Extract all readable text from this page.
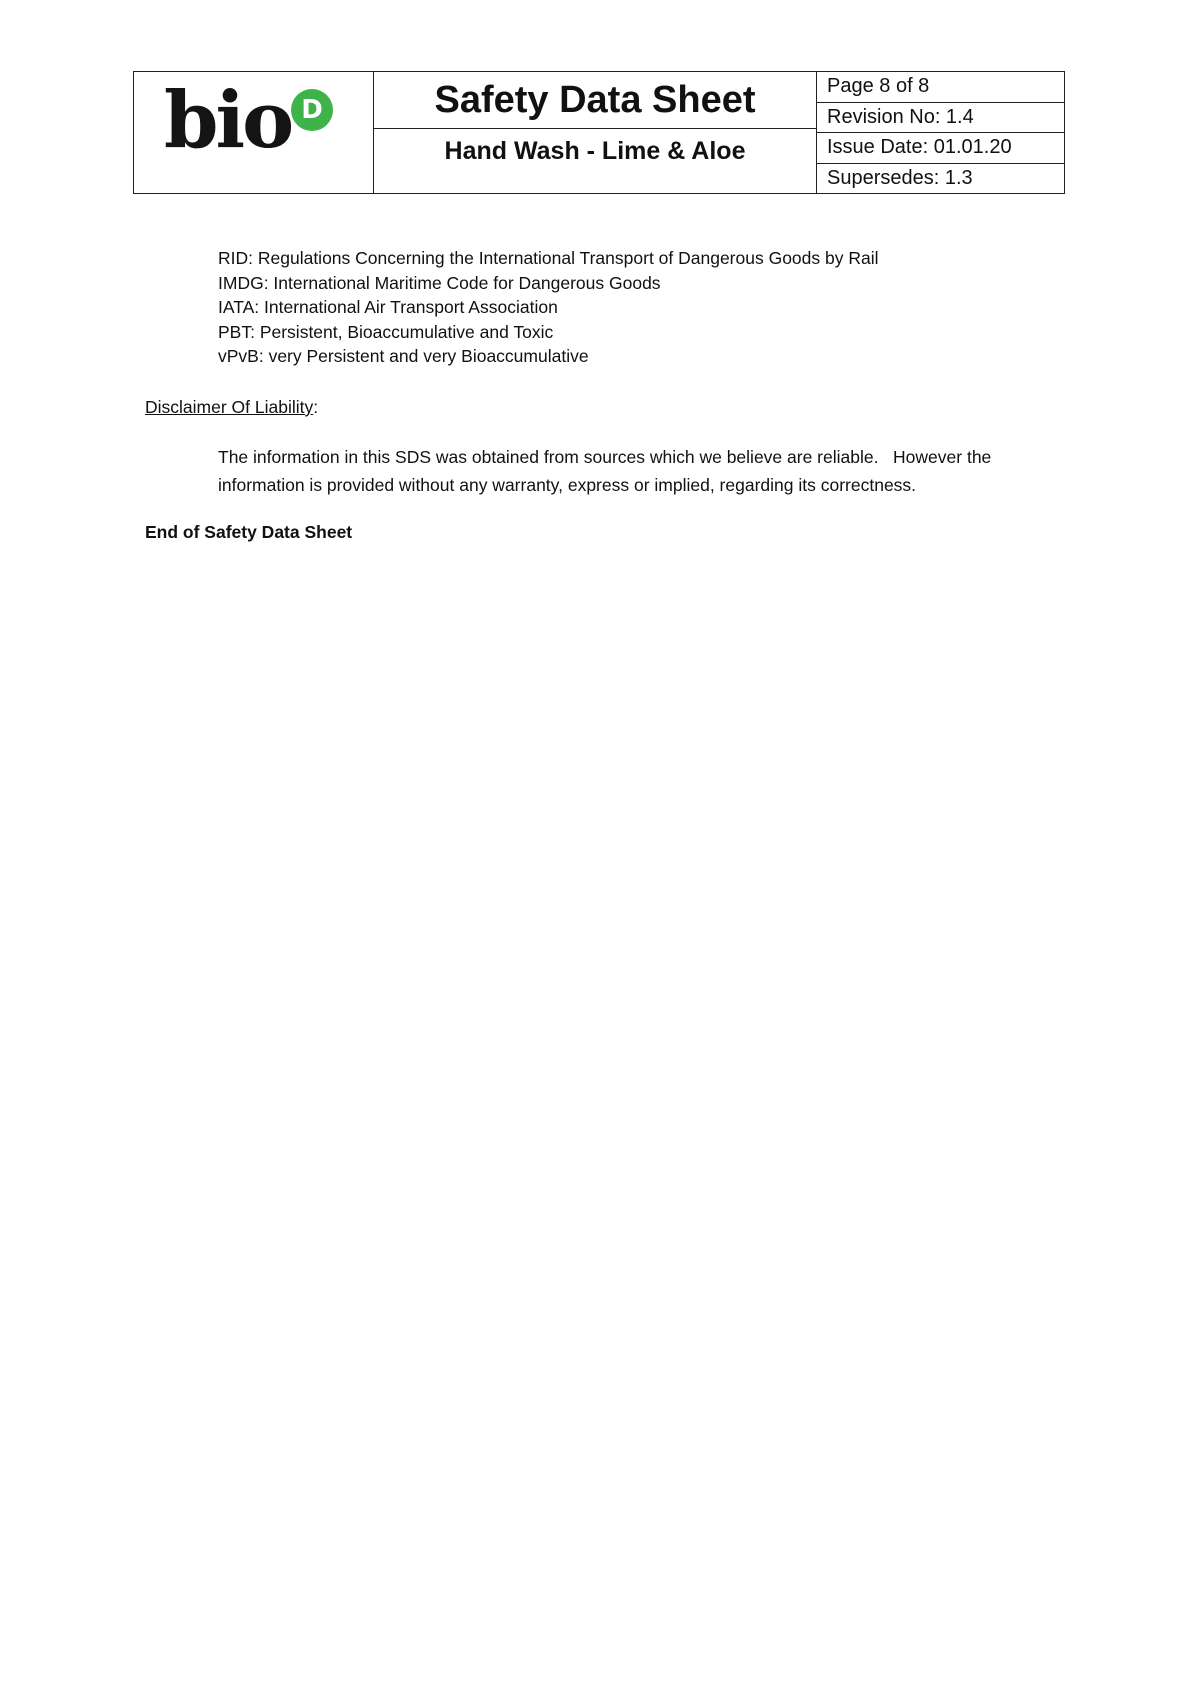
bio D	Safety Data Sheet
Hand Wash - Lime & Aloe
Page 8 of 8
Revision No: 1.4
Issue Date: 01.01.20
Supersedes: 1.3
RID: Regulations Concerning the International Transport of Dangerous Goods by Rail
IMDG: International Maritime Code for Dangerous Goods
IATA: International Air Transport Association
PBT: Persistent, Bioaccumulative and Toxic
vPvB: very Persistent and very Bioaccumulative
Disclaimer Of Liability:
The information in this SDS was obtained from sources which we believe are reliable.   However the
information is provided without any warranty, express or implied, regarding its correctness.
End of Safety Data Sheet
